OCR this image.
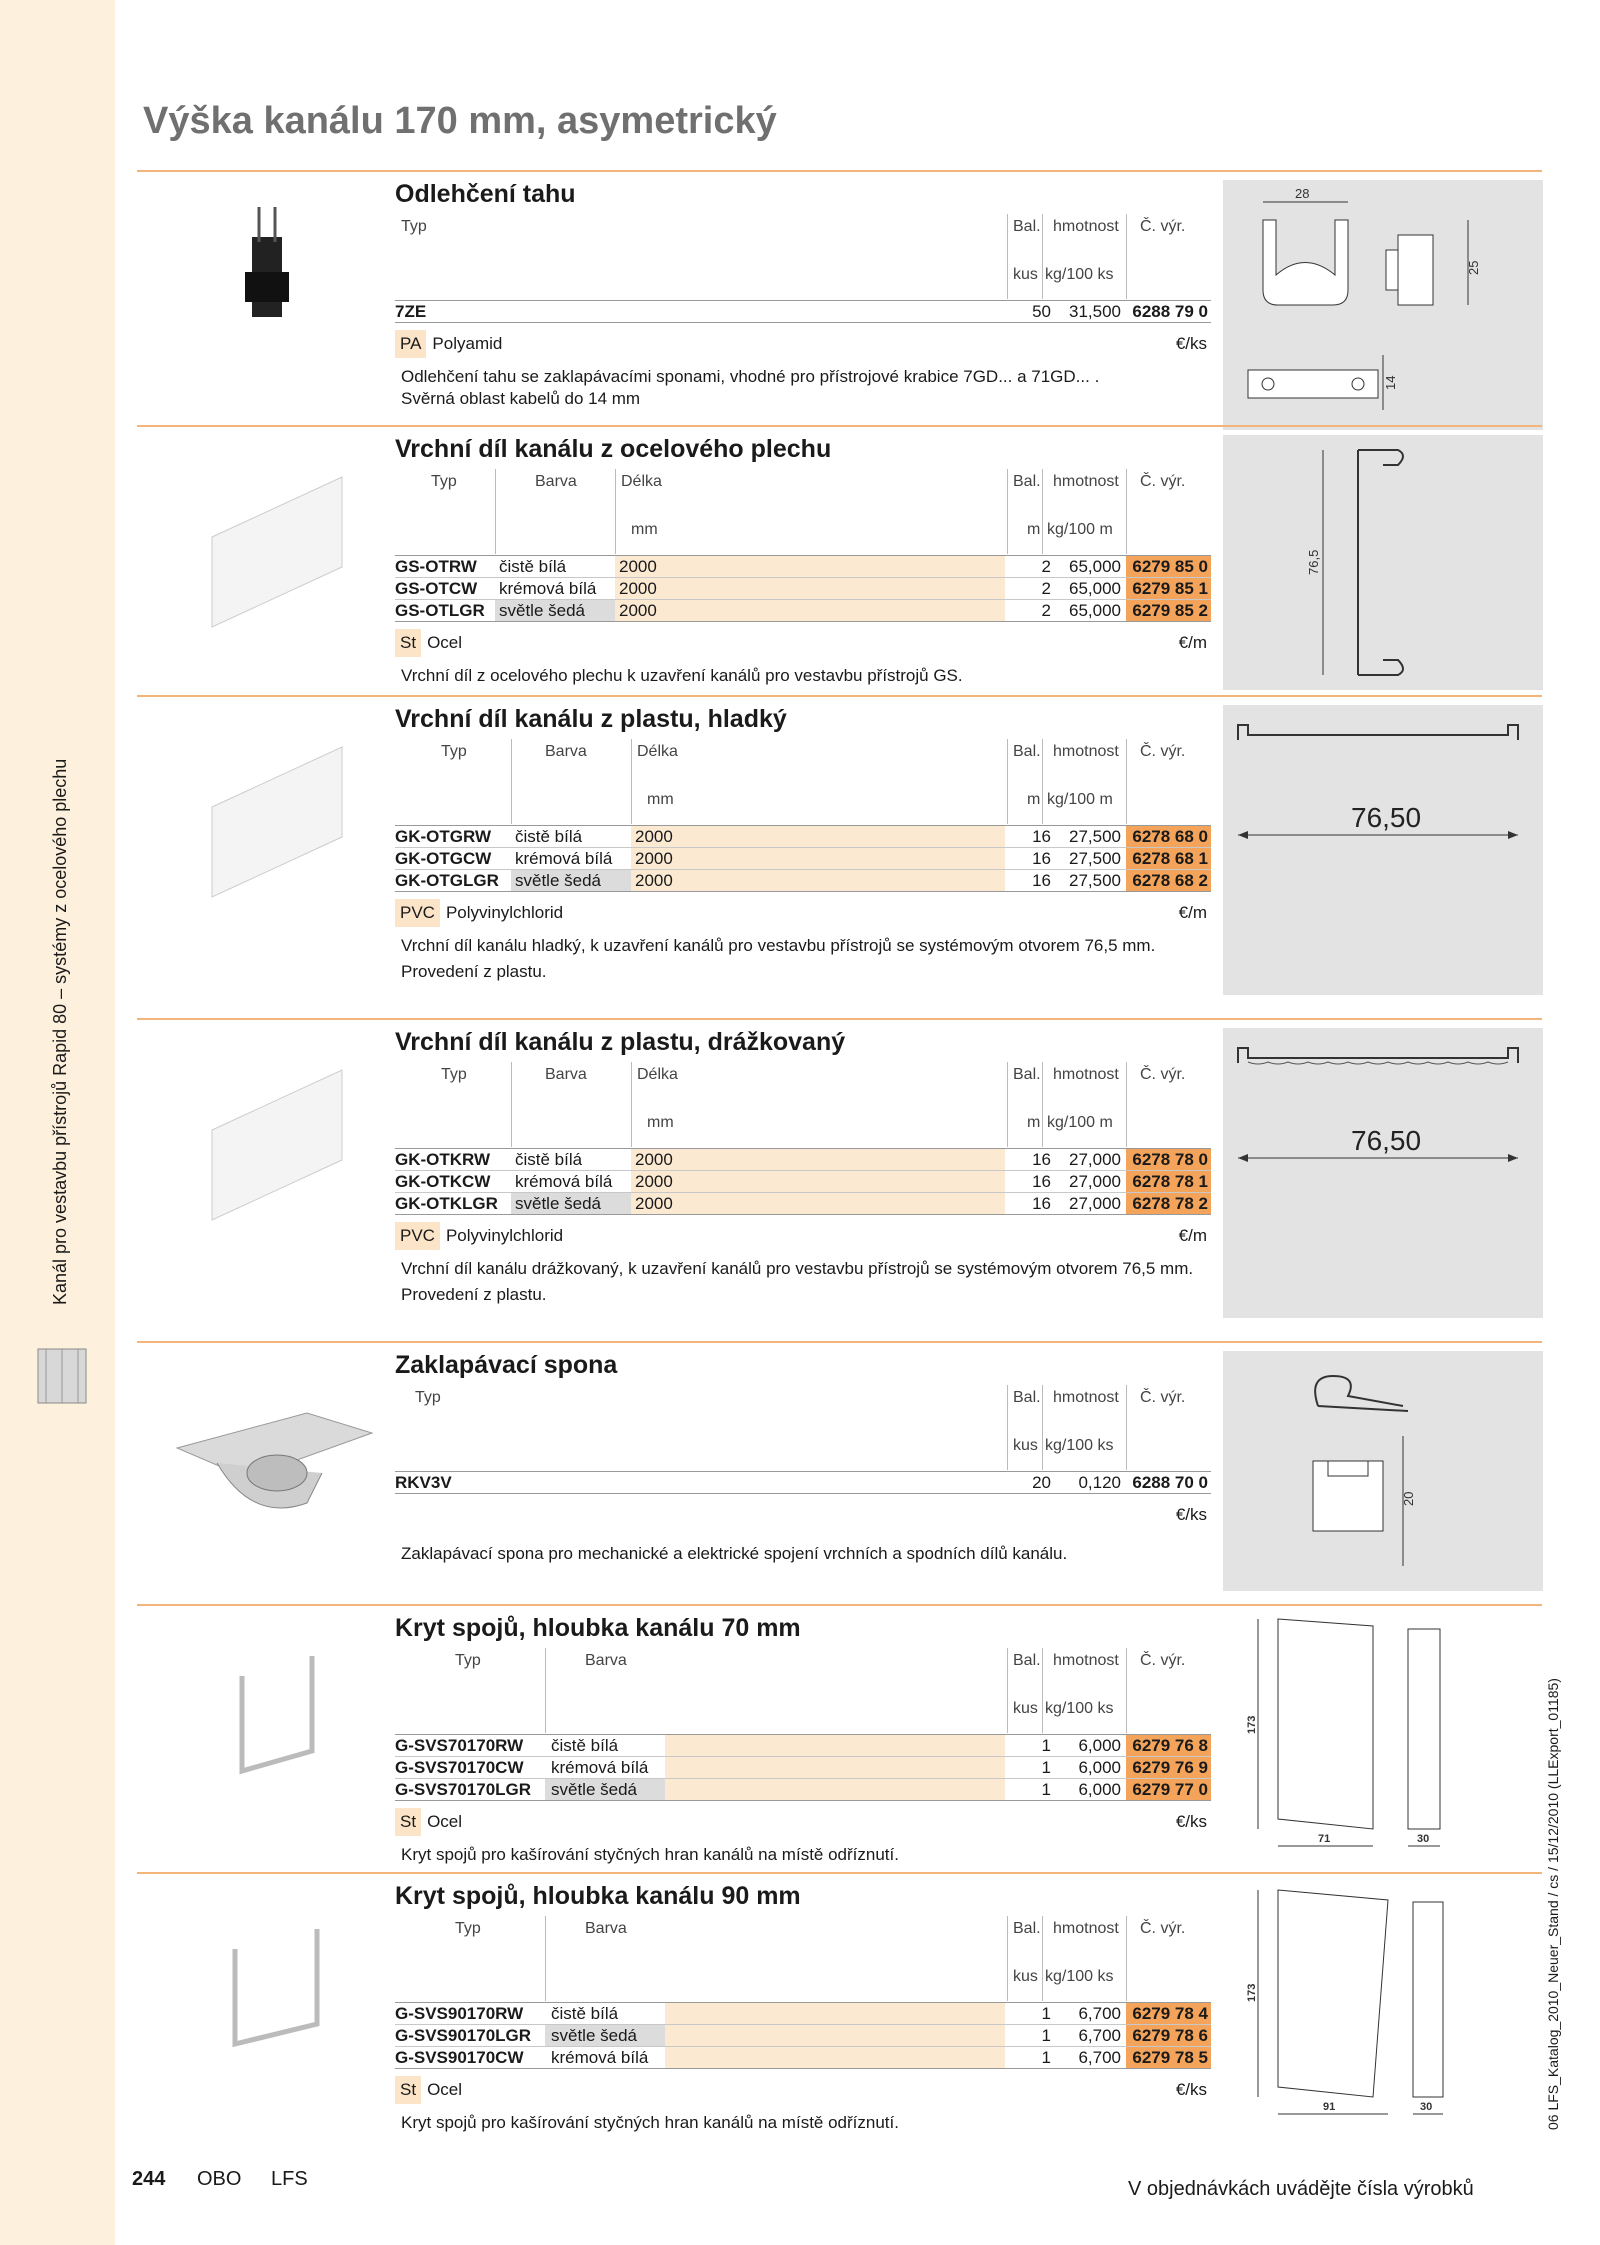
Kanál pro vestavbu přístrojů Rapid 80 – systémy z ocelového plechu
06 LFS_Katalog_2010_Neuer_Stand / cs / 15/12/2010 (LLExport_01185)
Výška kanálu 170 mm, asymetrický
Odlehčení tahu
Typ	Bal. hmotnost Č. výr.
kus kg/100 ks
7ZE	50 31,500 6288 79 0
PA Polyamid	€/ks
Odlehčení tahu se zaklapávacími sponami, vhodné pro přístrojové krabice 7GD... a 71GD... .
Svěrná oblast kabelů do 14 mm
28
25
14
Vrchní díl kanálu z ocelového plechu
Typ	Barva	Délka	Bal. hmotnost Č. výr.
mm	m kg/100 m
GS-OTRW čistě bílá	2000	2 65,000 6279 85 0
GS-OTCW krémová bílá 2000	2 65,000 6279 85 1
GS-OTLGR světle šedá 2000	2 65,000 6279 85 2
St Ocel	€/m
Vrchní díl z ocelového plechu k uzavření kanálů pro vestavbu přístrojů GS.
76,5
Vrchní díl kanálu z plastu, hladký
Typ	Barva	Délka	Bal. hmotnost Č. výr.
mm	m kg/100 m
GK-OTGRW čistě bílá	2000	16 27,500 6278 68 0
GK-OTGCW krémová bílá 2000	16 27,500 6278 68 1
GK-OTGLGR světle šedá 2000	16 27,500 6278 68 2
PVC Polyvinylchlorid	€/m
Vrchní díl kanálu hladký, k uzavření kanálů pro vestavbu přístrojů se systémovým otvorem 76,5 mm.
Provedení z plastu.
76,50
Vrchní díl kanálu z plastu, drážkovaný
Typ	Barva	Délka	Bal. hmotnost Č. výr.
mm	m kg/100 m
GK-OTKRW čistě bílá	2000	16 27,000 6278 78 0
GK-OTKCW krémová bílá 2000	16 27,000 6278 78 1
GK-OTKLGR světle šedá 2000	16 27,000 6278 78 2
PVC Polyvinylchlorid	€/m
Vrchní díl kanálu drážkovaný, k uzavření kanálů pro vestavbu přístrojů se systémovým otvorem 76,5 mm.
Provedení z plastu.
76,50
Zaklapávací spona
Typ	Bal. hmotnost Č. výr.
kus kg/100 ks
RKV3V	20 0,120 6288 70 0
€/ks
Zaklapávací spona pro mechanické a elektrické spojení vrchních a spodních dílů kanálu.
20
Kryt spojů, hloubka kanálu 70 mm
Typ	Barva	Bal. hmotnost Č. výr.
kus kg/100 ks
G-SVS70170RW čistě bílá	1 6,000 6279 76 8
G-SVS70170CW krémová bílá	1 6,000 6279 76 9
G-SVS70170LGR světle šedá	1 6,000 6279 77 0
St Ocel	€/ks
Kryt spojů pro kašírování styčných hran kanálů na místě odříznutí.
173
71	30
Kryt spojů, hloubka kanálu 90 mm
Typ	Barva	Bal. hmotnost Č. výr.
kus kg/100 ks
G-SVS90170RW čistě bílá	1 6,700 6279 78 4
G-SVS90170LGR světle šedá	1 6,700 6279 78 6
G-SVS90170CW krémová bílá	1 6,700 6279 78 5
St Ocel	€/ks
Kryt spojů pro kašírování styčných hran kanálů na místě odříznutí.
173
91	30
244 OBO LFS	V objednávkách uvádějte čísla výrobků
